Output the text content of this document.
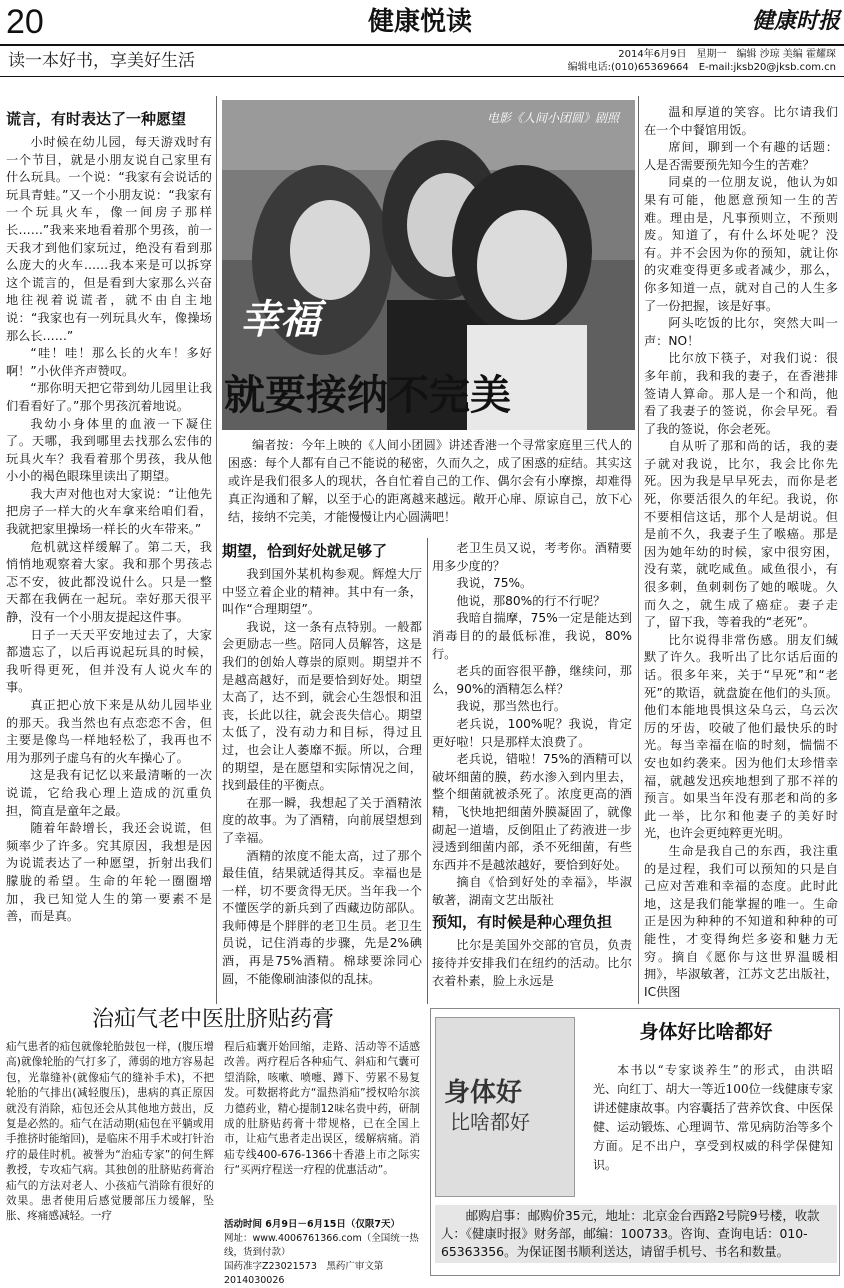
20	健康悦读	健康时报
读一本好书，享美好生活	2014年6月9日　星期一　编辑 沙琼 美编 霍耀琛
编辑电话:(010)65369664　E-mail:jksb20@jksb.com.cn
谎言，有时表达了一种愿望

小时候在幼儿园，每天游戏时有一个节目，就是小朋友说自己家里有什么玩具。一个说：“我家有会说话的玩具青蛙。”又一个小朋友说：“我家有一个玩具火车，像一间房子那样长……”我来来地看着那个男孩，前一天我才到他们家玩过，绝没有看到那么庞大的火车……我本来是可以拆穿这个谎言的，但是看到大家那么兴奋地往视着说谎者，就不由自主地说：“我家也有一列玩具火车，像操场那么长……”

“哇！哇！那么长的火车！多好啊！”小伙伴齐声赞叹。

“那你明天把它带到幼儿园里让我们看看好了。”那个男孩沉着地说。

我幼小身体里的血液一下凝住了。天哪，我到哪里去找那么宏伟的玩具火车？我看着那个男孩，我从他小小的褐色眼珠里读出了期望。

我大声对他也对大家说：“让他先把房子一样大的火车拿来给咱们看，我就把家里操场一样长的火车带来。”

危机就这样缓解了。第二天，我悄悄地观察着大家。我和那个男孩忐忑不安，彼此都没说什么。只是一整天都在我俩在一起玩。幸好那天很平静，没有一个小朋友提起这件事。

日子一天天平安地过去了，大家都遗忘了，以后再说起玩具的时候，我听得更死，但并没有人说火车的事。

真正把心放下来是从幼儿园毕业的那天。我当然也有点恋恋不舍，但主要是像鸟一样地轻松了，我再也不用为那列子虚乌有的火车操心了。

这是我有记忆以来最清晰的一次说谎，它给我心理上造成的沉重负担，简直是童年之最。

随着年龄增长，我还会说谎，但频率少了许多。究其原因，我想是因为说谎表达了一种愿望，折射出我们朦胧的希望。生命的年轮一圈圈增加，我已知觉人生的第一要素不是善，而是真。

电影《人间小团圆》剧照
幸福
就要接纳不完美
编者按：今年上映的《人间小团圆》讲述香港一个寻常家庭里三代人的困惑：每个人都有自己不能说的秘密，久而久之，成了困惑的症结。其实这或许是我们很多人的现状，各自忙着自己的工作、偶尔会有小摩擦，却难得真正沟通和了解，以至于心的距离越来越远。敞开心扉、原谅自己，放下心结，接纳不完美，才能慢慢让内心圆满吧！
期望，恰到好处就足够了

我到国外某机构参观。辉煌大厅中竖立着企业的精神。其中有一条，叫作“合理期望”。

我说，这一条有点特别。一般都会更励志一些。陪同人员解答，这是我们的创始人尊崇的原则。期望并不是越高越好，而是要恰到好处。期望太高了，达不到，就会心生怨恨和沮丧，长此以往，就会丧失信心。期望太低了，没有动力和目标，得过且过，也会让人萎靡不振。所以，合理的期望，是在愿望和实际情况之间，找到最佳的平衡点。

在那一瞬，我想起了关于酒精浓度的故事。为了酒精，向前展望想到了幸福。

酒精的浓度不能太高，过了那个最佳值，结果就适得其反。幸福也是一样，切不要贪得无厌。当年我一个不懂医学的新兵到了西藏边防部队。我师傅是个胖胖的老卫生员。老卫生员说，记住消毒的步骤，先是2%碘酒，再是75%酒精。棉球要涂同心圆，不能像刷油漆似的乱抹。

老卫生员又说，考考你。酒精要用多少度的？

我说，75%。

他说，那80%的行不行呢？

我暗自揣摩，75%一定是能达到消毒目的的最低标准，我说，80%行。

老兵的面容很平静，继续问，那么，90%的酒精怎么样？

我说，那当然也行。

老兵说，100%呢？我说，肯定更好啦！只是那样太浪费了。

老兵说，错啦！75%的酒精可以破坏细菌的膜，药水渗入到内里去，整个细菌就被杀死了。浓度更高的酒精，飞快地把细菌外膜凝固了，就像砌起一道墙，反倒阻止了药液进一步浸透到细菌内部，杀不死细菌，有些东西并不是越浓越好，要恰到好处。

摘自《恰到好处的幸福》，毕淑敏著，湖南文艺出版社

预知，有时候是种心理负担

比尔是美国外交部的官员，负责接待并安排我们在纽约的活动。比尔衣着朴素，脸上永远是

温和厚道的笑容。比尔请我们在一个中餐馆用饭。

席间，聊到一个有趣的话题：人是否需要预先知今生的苦难？

同桌的一位朋友说，他认为如果有可能，他愿意预知一生的苦难。理由是，凡事预则立，不预则废。知道了，有什么坏处呢？没有。并不会因为你的预知，就让你的灾难变得更多或者减少，那么，你多知道一点，就对自己的人生多了一份把握，该是好事。

阿头吃饭的比尔，突然大叫一声：NO！

比尔放下筷子，对我们说：很多年前，我和我的妻子，在香港排签请人算命。那人是一个和尚，他看了我妻子的签说，你会早死。看了我的签说，你会老死。

自从听了那和尚的话，我的妻子就对我说，比尔，我会比你先死。因为我是早早死去，而你是老死，你要活很久的年纪。我说，你不要相信这话，那个人是胡说。但是前不久，我妻子生了喉癌。那是因为她年幼的时候，家中很穷困，没有菜，就吃咸鱼。咸鱼很小，有很多刺，鱼刺刺伤了她的喉咙。久而久之，就生成了癌症。妻子走了，留下我，等着我的“老死”。

比尔说得非常伤感。朋友们缄默了许久。我听出了比尔话后面的话。很多年来，关于“早死”和“老死”的欺语，就盘旋在他们的头顶。他们本能地畏惧这朵乌云，乌云次厉的牙齿，咬破了他们最快乐的时光。每当幸福在临的时刻，惴惴不安也如约袭来。因为他们太珍惜幸福，就越发迅疾地想到了那不祥的预言。如果当年没有那老和尚的多此一举，比尔和他妻子的美好时光，也许会更纯粹更光明。

生命是我自己的东西，我注重的是过程，我们可以预知的只是自己应对苦难和幸福的态度。此时此地，这是我们能掌握的唯一。生命正是因为种种的不知道和种种的可能性，才变得绚烂多姿和魅力无穷。摘自《愿你与这世界温暖相拥》，毕淑敏著，江苏文艺出版社，IC供图

治疝气老中医肚脐贴药膏
疝气患者的疝包就像轮胎鼓包一样，(腹压增高)就像轮胎的气打多了，薄弱的地方容易起包，光靠缝补(就像疝气的缝补手术)，不把轮胎的气排出(减轻腹压)，患病的真正原因就没有消除，疝包还会从其他地方鼓出，反复是必然的。疝气在活动期(疝包在平躺或用手推挤时能缩回)，是临床不用手术或打针治疗的最佳时机。被誉为“治疝专家”的何生辉教授，专攻疝气病。其独创的肚脐贴药膏治疝气的方法对老人、小孩疝气消除有很好的效果。患者使用后感觉腰部压力缓解，坠胀、疼痛感减轻。一疗
程后疝囊开始回缩，走路、活动等不适感改善。两疗程后各种疝气、斜疝和气囊可望消除，咳嗽、喷嚏、蹲下、劳累不易复发。可数据将此方“温热消疝”授权哈尔滨力德药业，精心提制12味名贵中药，研制成的肚脐贴药膏十带规格，已在全国上市，让疝气患者走出误区，缓解病痛。消疝专线400-676-1366十香港上市之际实行“买两疗程送一疗程的优惠活动”。
活动时间 6月9日－6月15日（仅限7天）
网址：www.4006761366.com（全国统一热线，货到付款）
国药准字Z23021573　黑药广审文第2014030026
身体好
比啥都好
身体好比啥都好
本书以“专家谈养生”的形式，由洪昭光、向红丁、胡大一等近100位一线健康专家讲述健康故事。内容囊括了营养饮食、中医保健、运动锻炼、心理调节、常见病防治等多个方面。足不出户，享受到权威的科学保健知识。
邮购启事：邮购价35元，地址：北京金台西路2号院9号楼，收款人：《健康时报》财务部，邮编：100733。咨询、查询电话：010-65363356。为保证图书顺利送达，请留手机号、书名和数量。
